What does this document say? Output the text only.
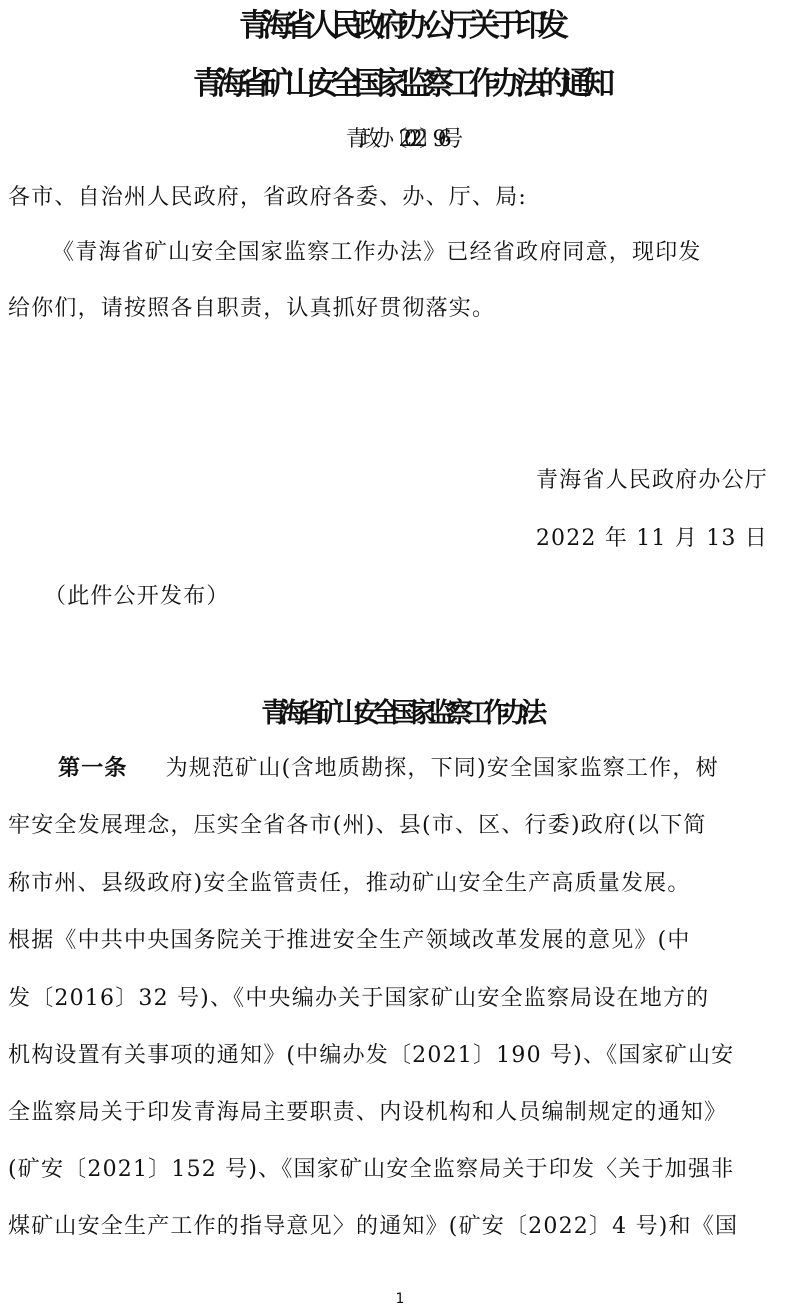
青海省人民政府办公厅关于印发
青海省矿山安全国家监察工作办法的通知
青政办〔2022〕96 号
各市、自治州人民政府，省政府各委、办、厅、局:
《青海省矿山安全国家监察工作办法》已经省政府同意，现印发
给你们，请按照各自职责，认真抓好贯彻落实。
青海省人民政府办公厅
2022 年 11 月 13 日
（此件公开发布）
青海省矿山安全国家监察工作办法
第一条 为规范矿山(含地质勘探，下同)安全国家监察工作，树
牢安全发展理念，压实全省各市(州)、县(市、区、行委)政府(以下简
称市州、县级政府)安全监管责任，推动矿山安全生产高质量发展。
根据《中共中央国务院关于推进安全生产领域改革发展的意见》(中
发〔2016〕32 号)、《中央编办关于国家矿山安全监察局设在地方的
机构设置有关事项的通知》(中编办发〔2021〕190 号)、《国家矿山安
全监察局关于印发青海局主要职责、内设机构和人员编制规定的通知》
(矿安〔2021〕152 号)、《国家矿山安全监察局关于印发〈关于加强非
煤矿山安全生产工作的指导意见〉的通知》(矿安〔2022〕4 号)和《国
1
